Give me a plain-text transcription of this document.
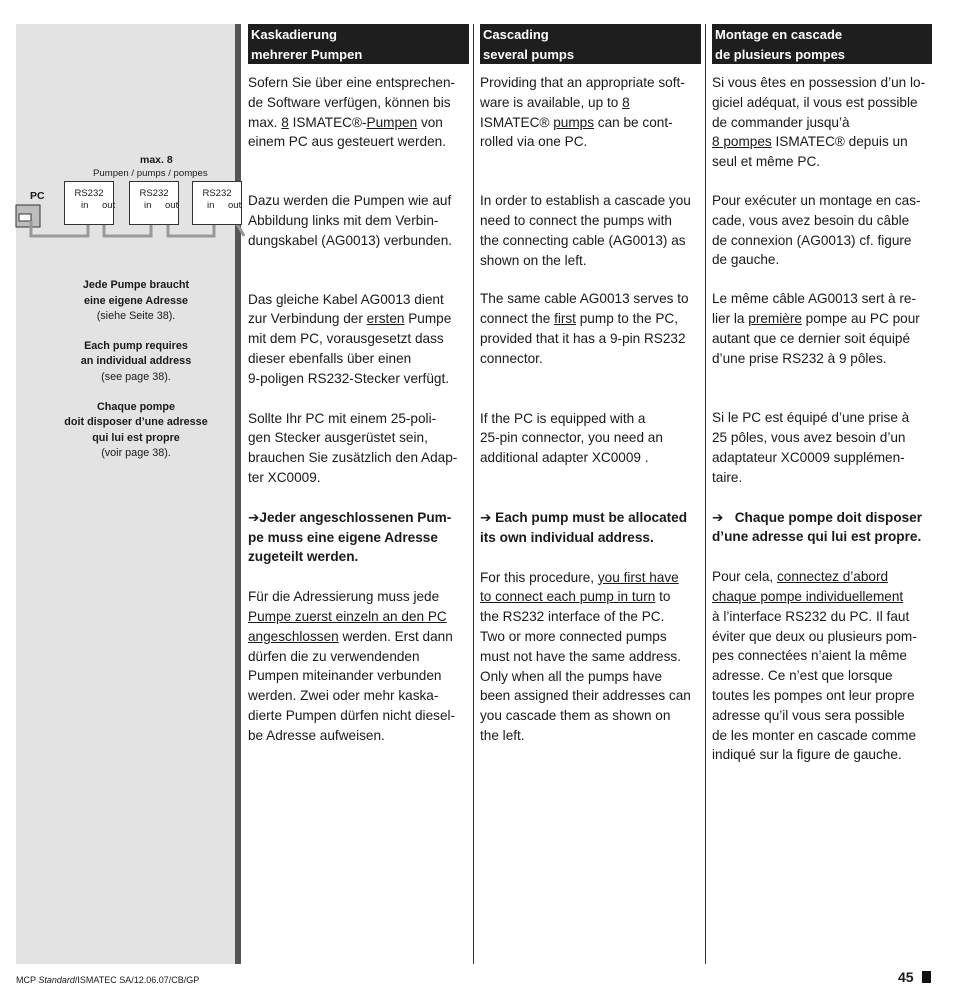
max. 8
Pumpen / pumps / pompes
PC	RS232
in out
RS232
in out
RS232
in out

Jede Pumpe braucht
eine eigene Adresse
(siehe Seite 38).

Each pump requires
an individual address
(see page 38).

Chaque pompe
doit disposer d’une adresse
qui lui est propre
(voir page 38).

Kaskadierung
mehrerer Pumpen

Sofern Sie über eine entsprechen-
de Software verfügen, können bis
max. 8 ISMATEC®-Pumpen von
einem PC aus gesteuert werden.

Dazu werden die Pumpen wie auf
Abbildung links mit dem Verbin-
dungskabel (AG0013) verbunden.

Das gleiche Kabel AG0013 dient
zur Verbindung der ersten Pumpe
mit dem PC, vorausgesetzt dass
dieser ebenfalls über einen
9-poligen RS232-Stecker verfügt.

Sollte Ihr PC mit einem 25-poli-
gen Stecker ausgerüstet sein,
brauchen Sie zusätzlich den Adap-
ter XC0009.

➔Jeder angeschlossenen Pum-
pe muss eine eigene Adresse
zugeteilt werden.

Für die Adressierung muss jede
Pumpe zuerst einzeln an den PC
angeschlossen werden. Erst dann
dürfen die zu verwendenden
Pumpen miteinander verbunden
werden. Zwei oder mehr kaska-
dierte Pumpen dürfen nicht diesel-
be Adresse aufweisen.

Cascading
several pumps

Providing that an appropriate soft-
ware is available, up to 8
ISMATEC® pumps can be cont-
rolled via one PC.

In order to establish a cascade you
need to connect the pumps with
the connecting cable (AG0013) as
shown on the left.

The same cable AG0013 serves to
connect the first pump to the PC,
provided that it has a 9-pin RS232
connector.

If the PC is equipped with a
25-pin connector, you need an
additional adapter XC0009 .

➔ Each pump must be allocated
its own individual address.

For this procedure, you first have
to connect each pump in turn to
the RS232 interface of the PC.
Two or more connected pumps
must not have the same address.
Only when all the pumps have
been assigned their addresses can
you cascade them as shown on
the left.

Montage en cascade
de plusieurs pompes

Si vous êtes en possession d’un lo-
giciel adéquat, il vous est possible
de commander jusqu’à
8 pompes ISMATEC® depuis un
seul et même PC.

Pour exécuter un montage en cas-
cade, vous avez besoin du câble
de connexion (AG0013) cf. figure
de gauche.

Le même câble AG0013 sert à re-
lier la première pompe au PC pour
autant que ce dernier soit équipé
d’une prise RS232 à 9 pôles.

Si le PC est équipé d’une prise à
25 pôles, vous avez besoin d’un
adaptateur XC0009 supplémen-
taire.

➔   Chaque pompe doit disposer
d’une adresse qui lui est propre.

Pour cela, connectez d’abord
chaque pompe individuellement
à l’interface RS232 du PC. Il faut
éviter que deux ou plusieurs pom-
pes connectées n’aient la même
adresse. Ce n’est que lorsque
toutes les pompes ont leur propre
adresse qu’il vous sera possible
de les monter en cascade comme
indiqué sur la figure de gauche.

MCP Standard/ISMATEC SA/12.06.07/CB/GP	45
